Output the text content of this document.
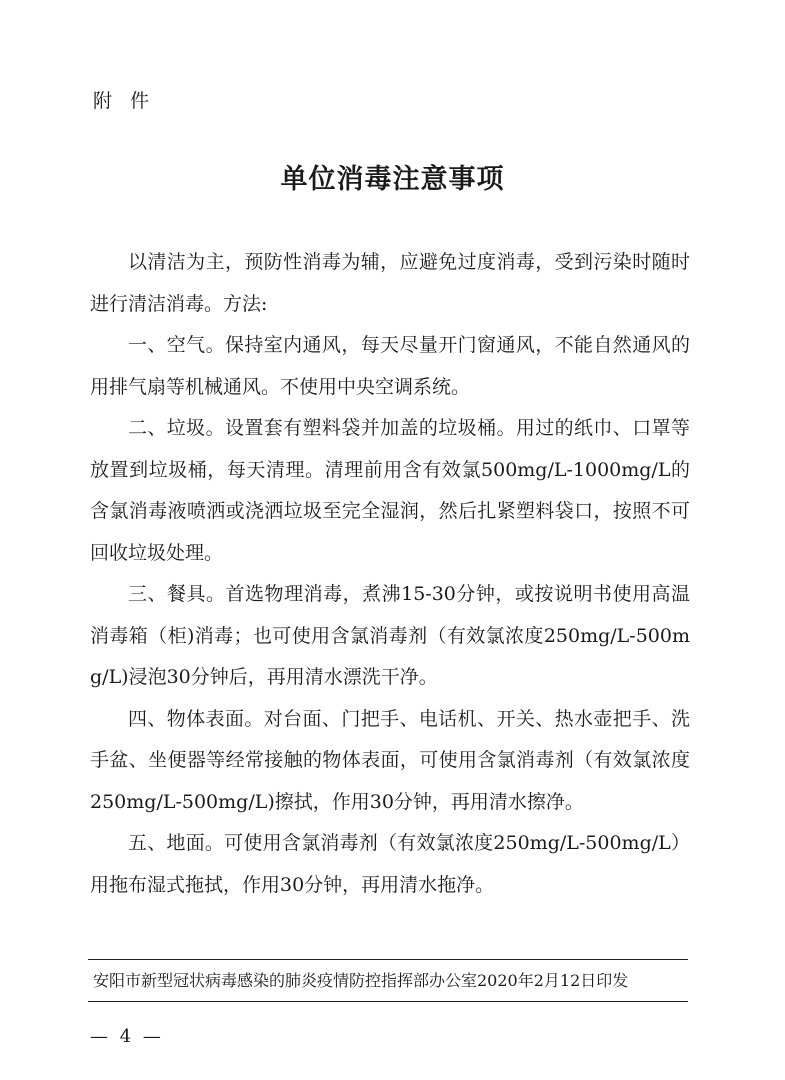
附 件
单位消毒注意事项

以清洁为主，预防性消毒为辅，应避免过度消毒，受到污染时随时进行清洁消毒。方法:

一、空气。保持室内通风，每天尽量开门窗通风，不能自然通风的用排气扇等机械通风。不使用中央空调系统。

二、垃圾。设置套有塑料袋并加盖的垃圾桶。用过的纸巾、口罩等放置到垃圾桶，每天清理。清理前用含有效氯500mg/L-1000mg/L的含氯消毒液喷洒或浇洒垃圾至完全湿润，然后扎紧塑料袋口，按照不可回收垃圾处理。

三、餐具。首选物理消毒，煮沸15-30分钟，或按说明书使用高温消毒箱（柜)消毒；也可使用含氯消毒剂（有效氯浓度250mg/L-500mg/L)浸泡30分钟后，再用清水漂洗干净。

四、物体表面。对台面、门把手、电话机、开关、热水壶把手、洗手盆、坐便器等经常接触的物体表面，可使用含氯消毒剂（有效氯浓度250mg/L-500mg/L)擦拭，作用30分钟，再用清水擦净。

五、地面。可使用含氯消毒剂（有效氯浓度250mg/L-500mg/L）用拖布湿式拖拭，作用30分钟，再用清水拖净。

安阳市新型冠状病毒感染的肺炎疫情防控指挥部办公室2020年2月12日印发
— 4 —
